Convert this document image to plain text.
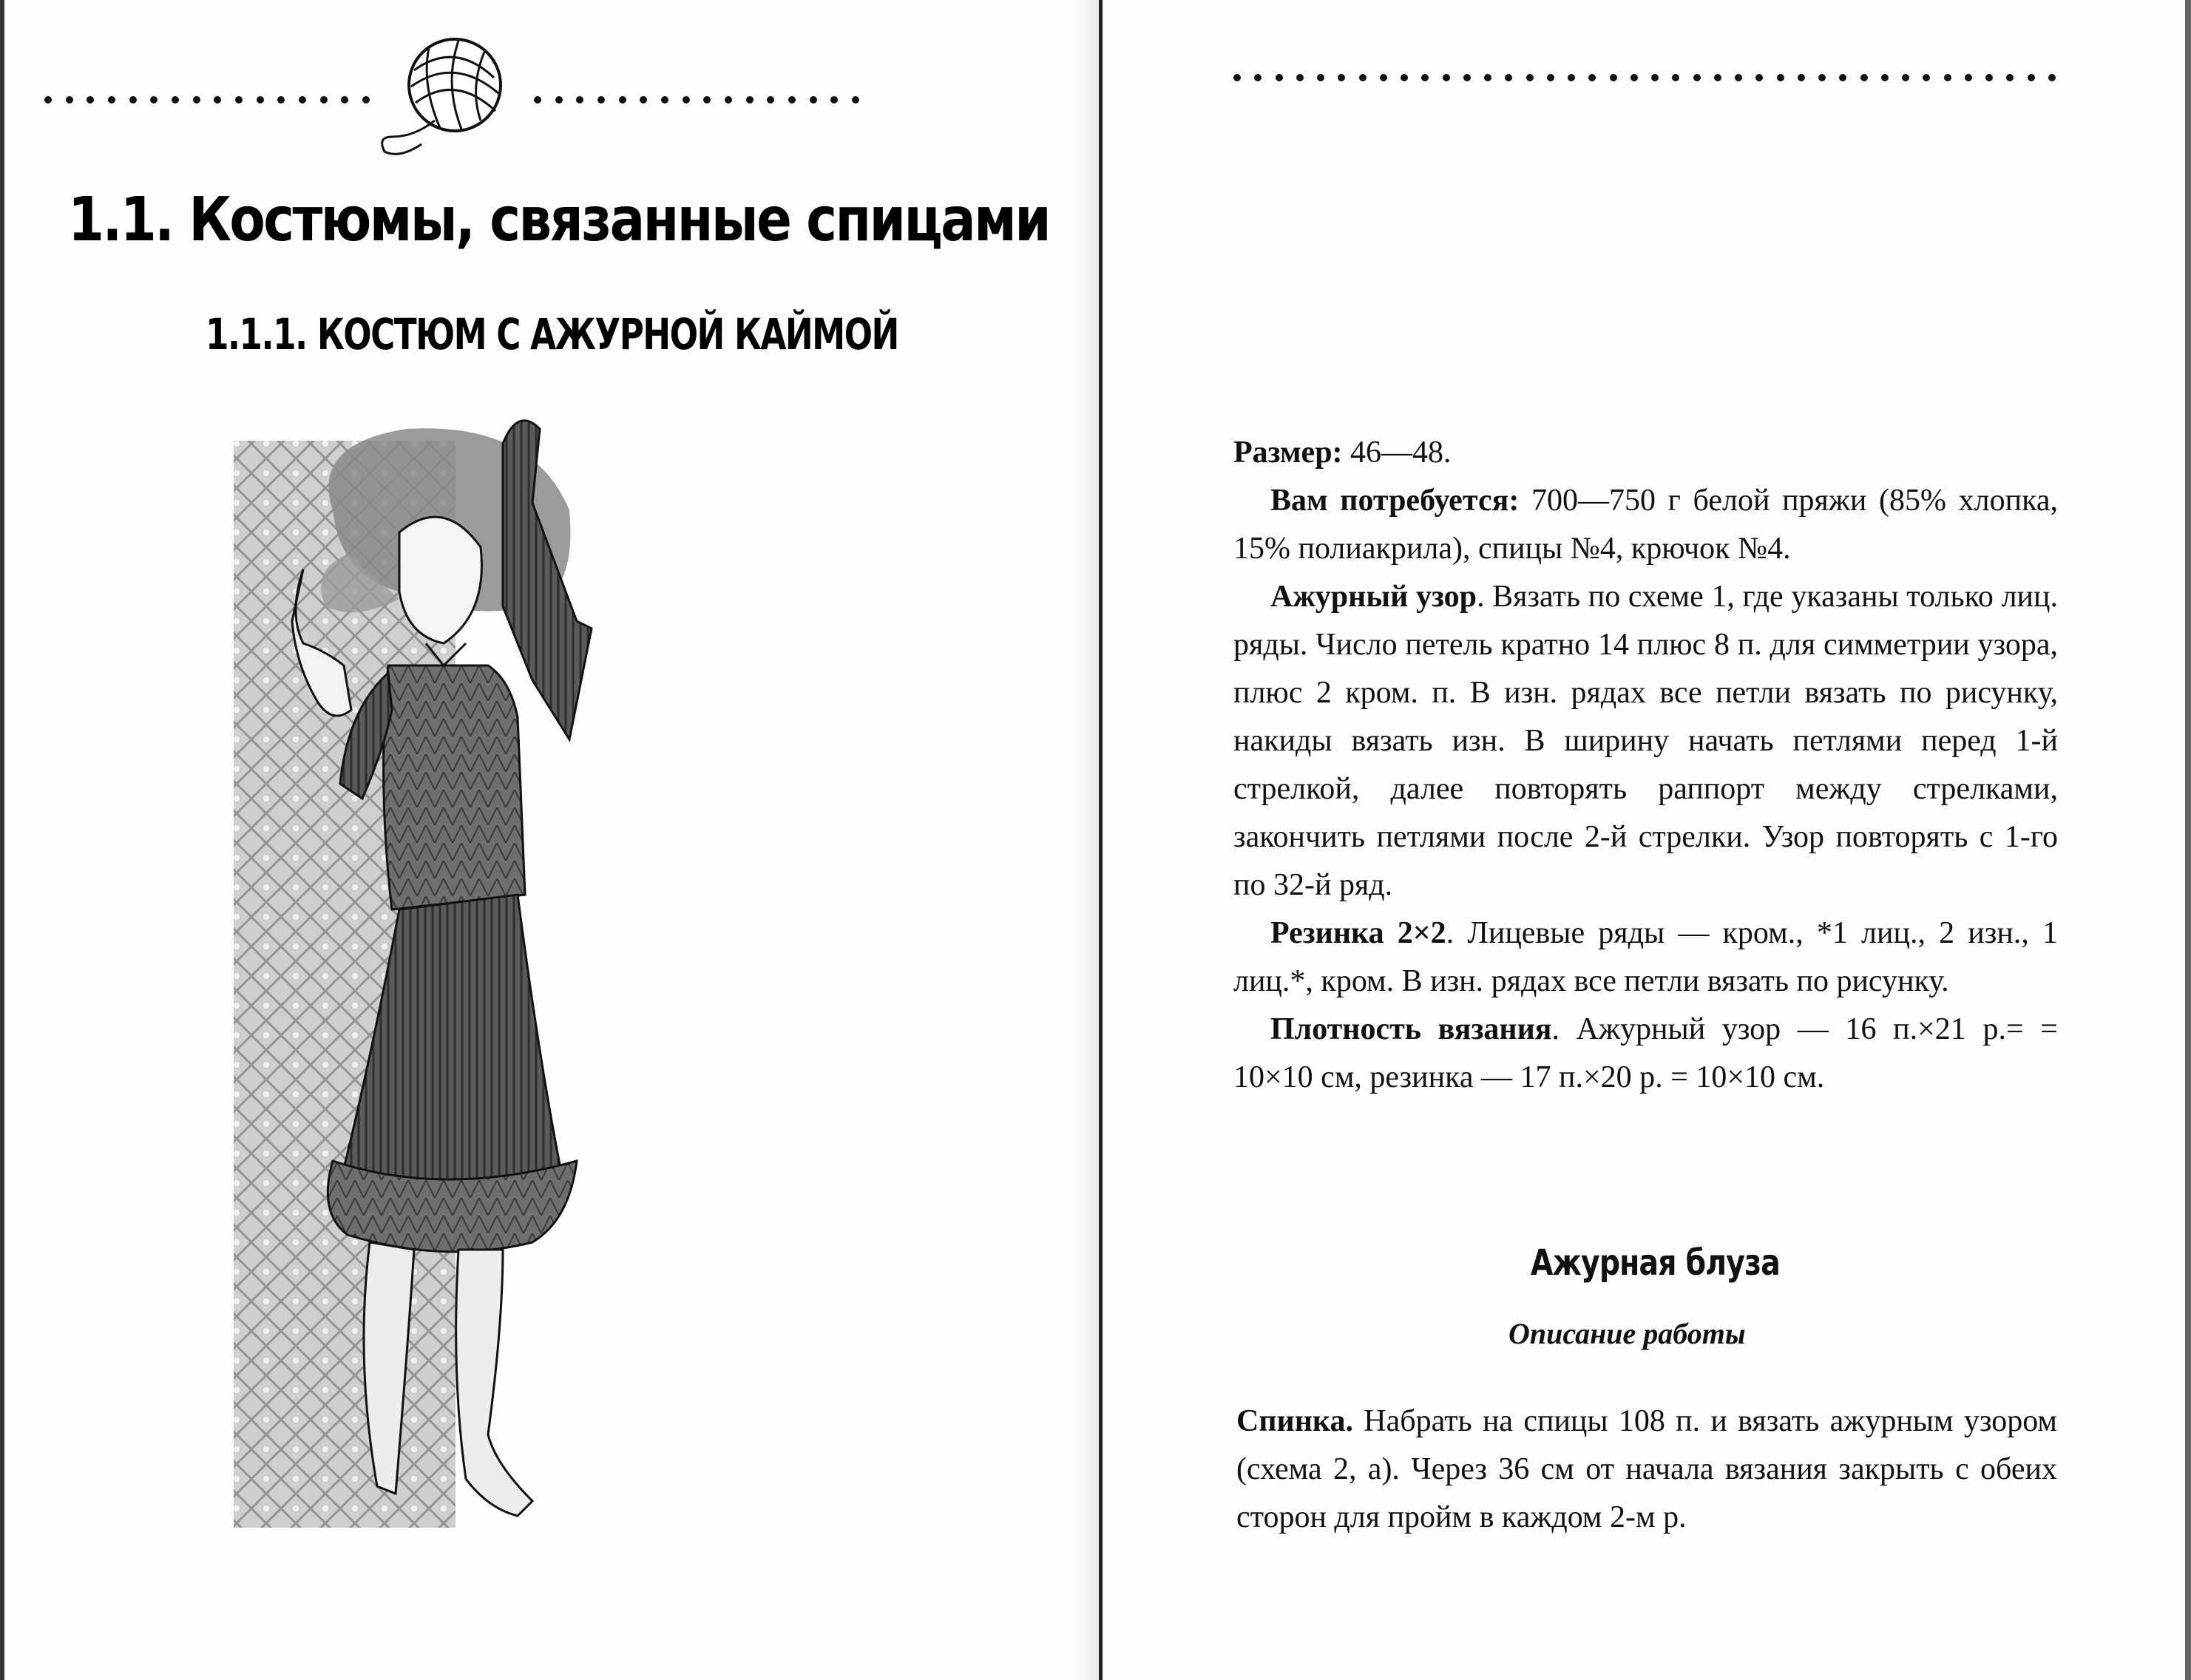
1.1. Костюмы, связанные спицами
1.1.1. КОСТЮМ С АЖУРНОЙ КАЙМОЙ

Размер: 46—48.

Вам потребуется: 700—750 г белой пряжи (85% хлопка, 15% полиакрила), спицы №4, крючок №4.

Ажурный узор. Вязать по схеме 1, где указаны только лиц. ряды. Число петель кратно 14 плюс 8 п. для симметрии узора, плюс 2 кром. п. В изн. рядах все петли вязать по рисунку, накиды вязать изн. В ширину начать петлями перед 1-й стрелкой, далее повторять раппорт между стрелками, закончить петлями после 2-й стрелки. Узор повторять с 1-го по 32-й ряд.

Резинка 2×2. Лицевые ряды — кром., *1 лиц., 2 изн., 1 лиц.*, кром. В изн. рядах все петли вязать по рисунку.

Плотность вязания. Ажурный узор — 16 п.×21 р.= = 10×10 см, резинка — 17 п.×20 р. = 10×10 см.

Ажурная блуза
Описание работы

Спинка. Набрать на спицы 108 п. и вязать ажурным узором (схема 2, а). Через 36 см от начала вязания закрыть с обеих сторон для пройм в каждом 2-м р.
